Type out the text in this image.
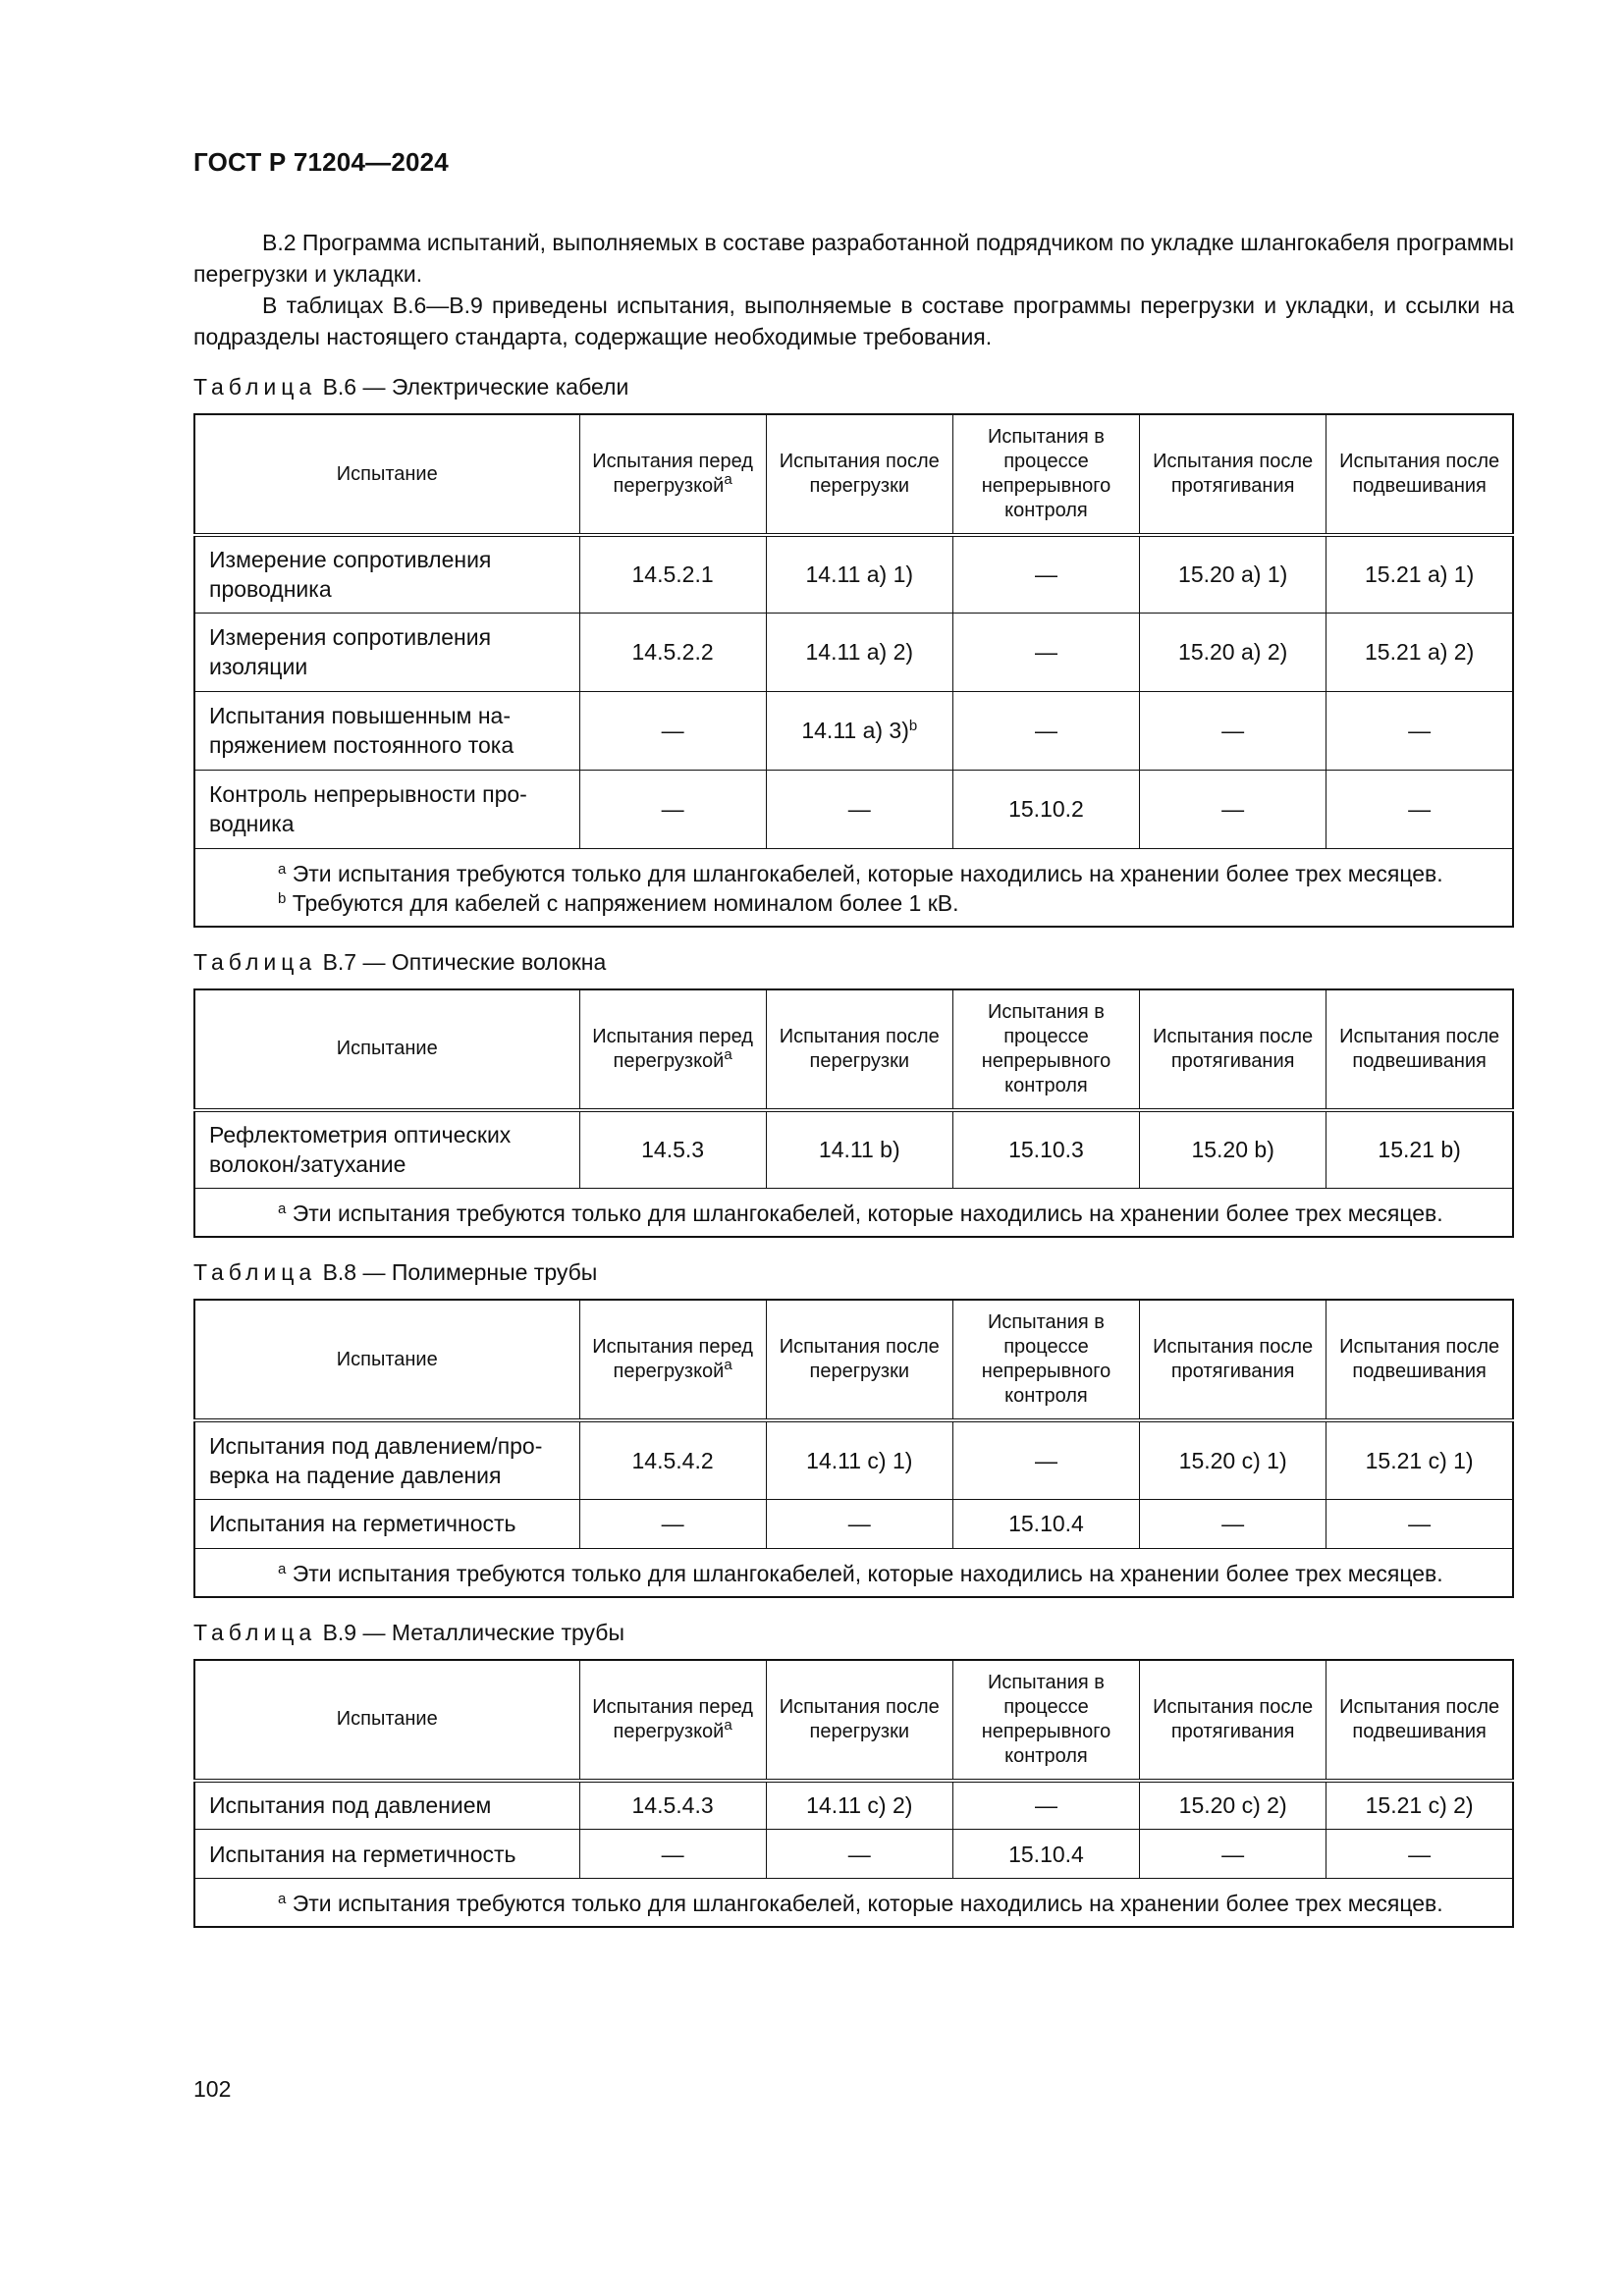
ГОСТ Р 71204—2024

В.2 Программа испытаний, выполняемых в составе разработанной подрядчиком по укладке шлангокабеля программы перегрузки и укладки.

В таблицах В.6—В.9 приведены испытания, выполняемые в составе программы перегрузки и укладки, и ссылки на подразделы настоящего стандарта, содержащие необходимые требования.

Таблица В.6 — Электрические кабели
Испытание	Испытания перед перегрузкой$^а$	Испытания после перегрузки	Испытания в процессе непрерывного контроля	Испытания после протягивания	Испытания после подвешивания
Измерение сопротивления проводника	14.5.2.1	14.11 а) 1)	—	15.20 а) 1)	15.21 а) 1)
Измерения сопротивления изоляции	14.5.2.2	14.11 а) 2)	—	15.20 а) 2)	15.21 а) 2)
Испытания повышенным на-пряжением постоянного тока	—	14.11 а) 3)$^b$	—	—	—
Контроль непрерывности про-водника	—	—	15.10.2	—	—

$^а$ Эти испытания требуются только для шлангокабелей, которые находились на хранении более трех месяцев.
$^b$ Требуются для кабелей с напряжением номиналом более 1 кВ.					
Таблица В.7 — Оптические волокна
Испытание	Испытания перед перегрузкой$^а$	Испытания после перегрузки	Испытания в процессе непрерывного контроля	Испытания после протягивания	Испытания после подвешивания
Рефлектометрия оптических волокон/затухание	14.5.3	14.11 b)	15.10.3	15.20 b)	15.21 b)

$^а$ Эти испытания требуются только для шлангокабелей, которые находились на хранении более трех месяцев.					
Таблица В.8 — Полимерные трубы
Испытание	Испытания перед перегрузкой$^а$	Испытания после перегрузки	Испытания в процессе непрерывного контроля	Испытания после протягивания	Испытания после подвешивания
Испытания под давлением/про-верка на падение давления	14.5.4.2	14.11 c) 1)	—	15.20 c) 1)	15.21 c) 1)
Испытания на герметичность	—	—	15.10.4	—	—

$^а$ Эти испытания требуются только для шлангокабелей, которые находились на хранении более трех месяцев.					
Таблица В.9 — Металлические трубы
Испытание	Испытания перед перегрузкой$^а$	Испытания после перегрузки	Испытания в процессе непрерывного контроля	Испытания после протягивания	Испытания после подвешивания
Испытания под давлением	14.5.4.3	14.11 c) 2)	—	15.20 c) 2)	15.21 c) 2)
Испытания на герметичность	—	—	15.10.4	—	—

$^а$ Эти испытания требуются только для шлангокабелей, которые находились на хранении более трех месяцев.					
102
